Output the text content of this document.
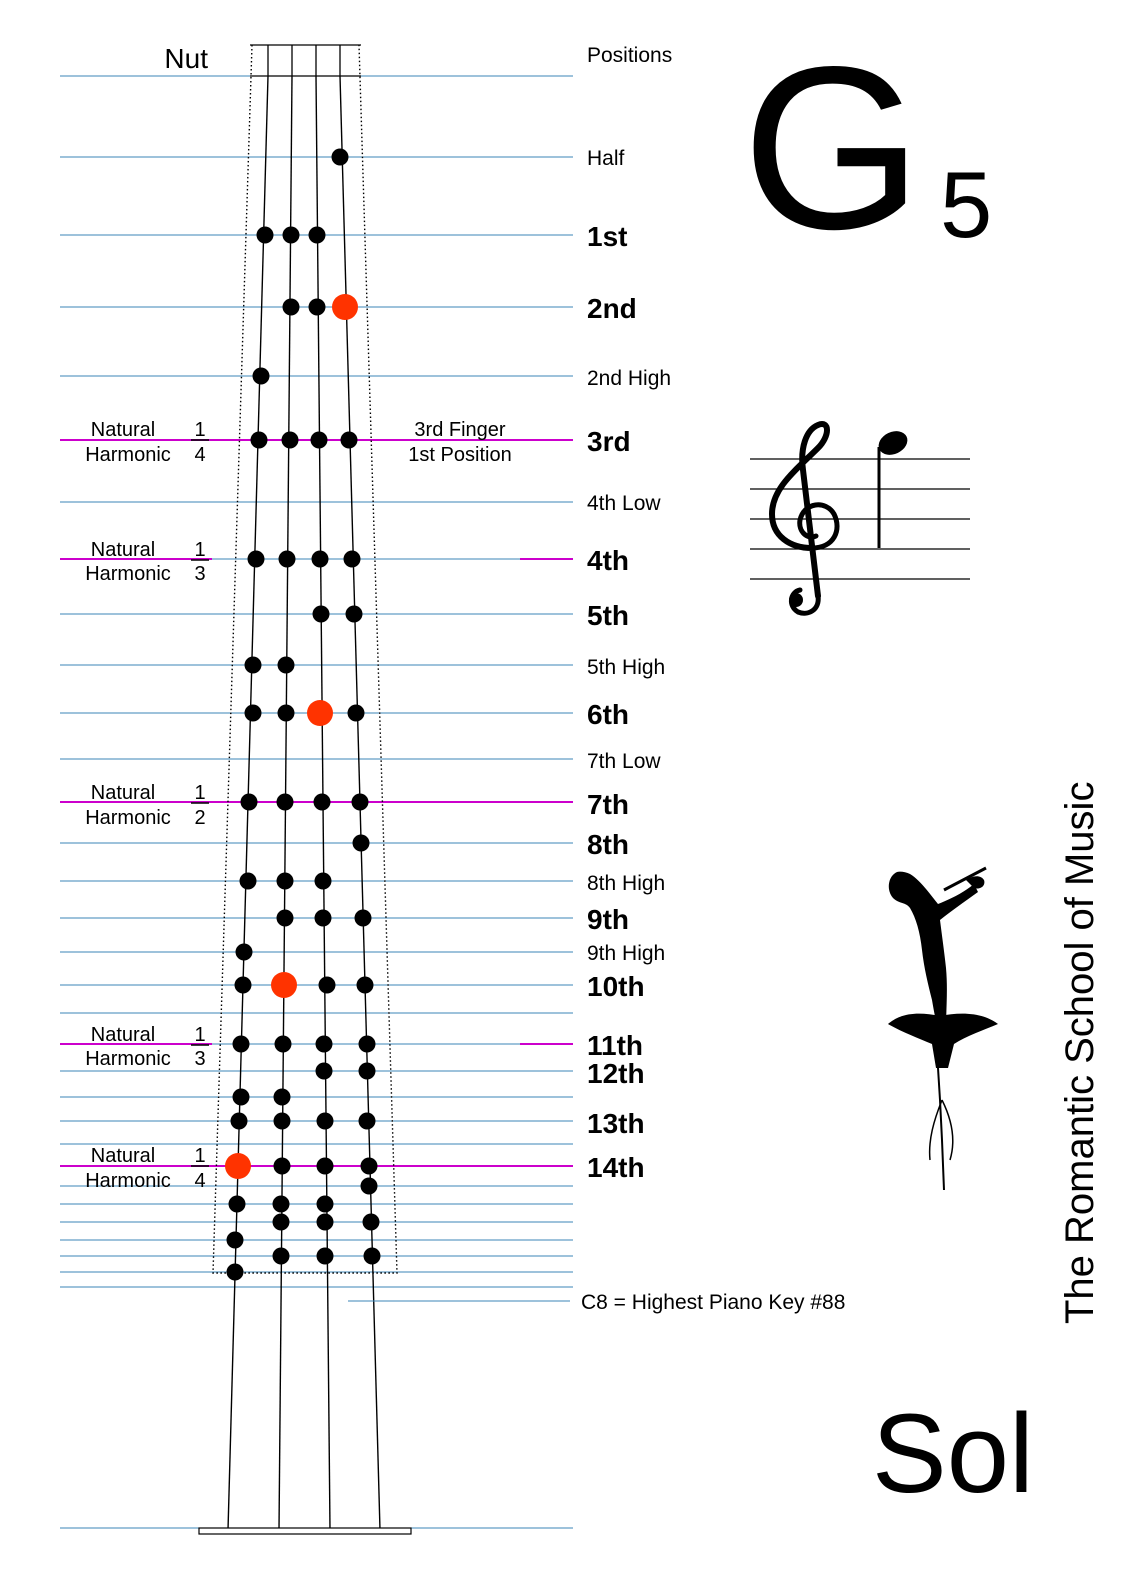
Nut	Positions G 5
Half
1st
2nd
2nd High
3rd
4th Low
4th
5th
5th High
6th
7th Low
7th
8th
8th High
9th
9th High
10th
11th
12th
13th
14th
3rd Finger
1st Position
Natural
Harmonic
1
4
Natural
Harmonic
1
3
Natural
Harmonic
1
2
Natural
Harmonic
1
3
Natural
Harmonic
1
4
C8 = Highest Piano Key #88	The Romantic School of Music
Sol
